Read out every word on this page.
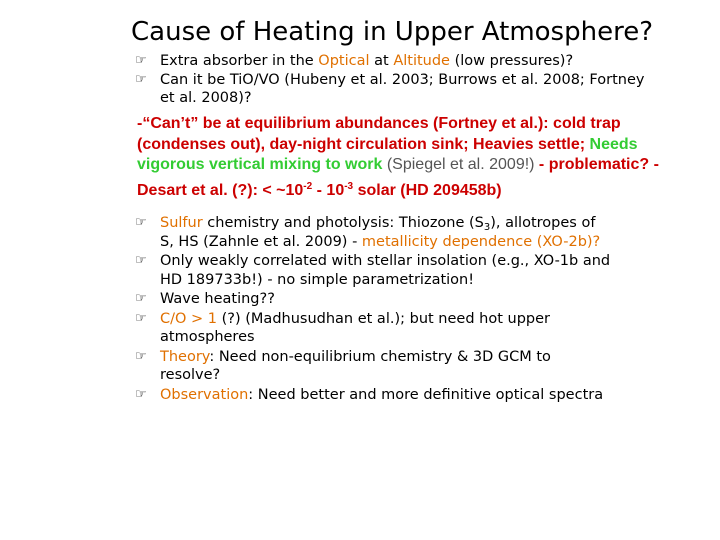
Cause of Heating in Upper Atmosphere?
☞ Extra absorber in the Optical at Altitude (low pressures)?
☞ Can it be TiO/VO (Hubeny et al. 2003; Burrows et al. 2008; Fortney et al. 2008)?
-“Can’t” be at equilibrium abundances (Fortney et al.): cold trap
(condenses out), day-night circulation sink; Heavies settle; Needs
vigorous vertical mixing to work (Spiegel et al. 2009!) - problematic? -
Desart et al. (?): < $\sim 10^{-2} - 10^{-3}$ solar (HD 209458b)
☞ Sulfur chemistry and photolysis: Thiozone $(S_3)$, allotropes of S, HS (Zahnle et al. 2009) - metallicity dependence (XO-2b)?
☞ Only weakly correlated with stellar insolation (e.g., XO-1b and HD 189733b!) - no simple parametrization!
☞ Wave heating??
☞ C/O > 1 (?) (Madhusudhan et al.); but need hot upper atmospheres
☞ Theory: Need non-equilibrium chemistry & 3D GCM to resolve?
☞ Observation: Need better and more definitive optical spectra
